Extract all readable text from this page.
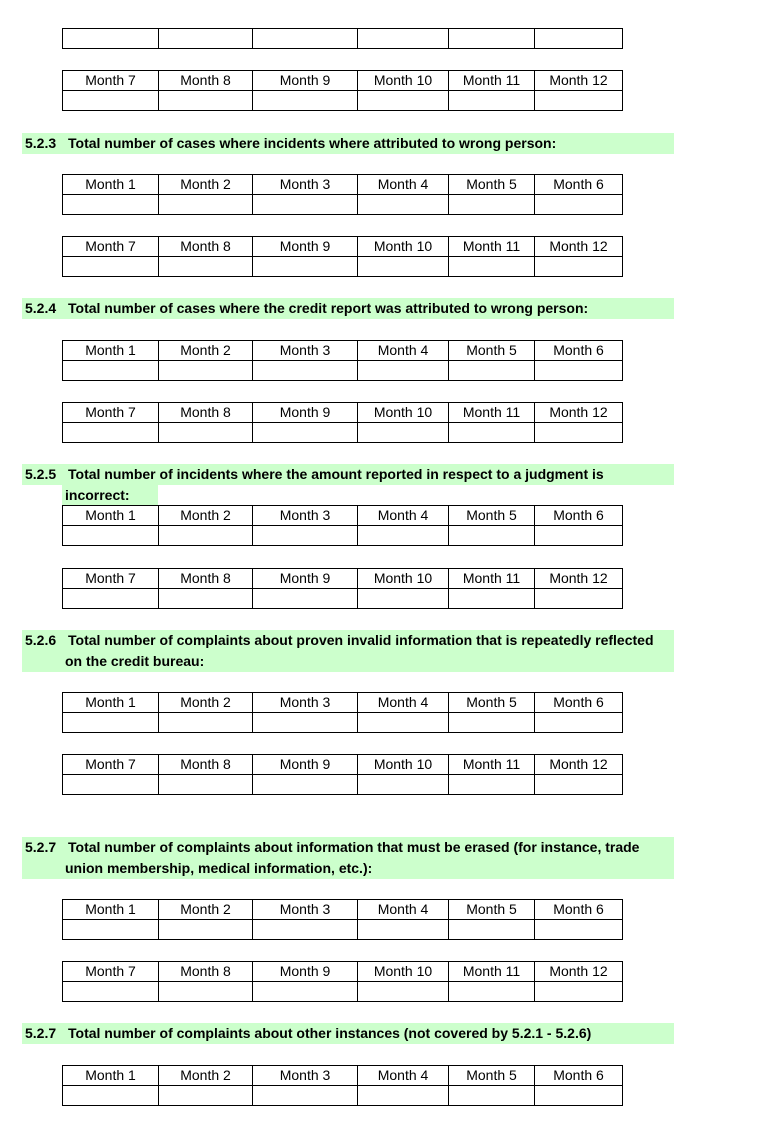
Month 7	Month 8	Month 9	Month 10	Month 11	Month 12

5.2.3 Total number of cases where incidents where attributed to wrong person:
Month 1	Month 2	Month 3	Month 4	Month 5	Month 6

Month 7	Month 8	Month 9	Month 10	Month 11	Month 12

5.2.4 Total number of cases where the credit report was attributed to wrong person:
Month 1	Month 2	Month 3	Month 4	Month 5	Month 6

Month 7	Month 8	Month 9	Month 10	Month 11	Month 12

5.2.5 Total number of incidents where the amount reported in respect to a judgment is
incorrect:
Month 1	Month 2	Month 3	Month 4	Month 5	Month 6

Month 7	Month 8	Month 9	Month 10	Month 11	Month 12

5.2.6 Total number of complaints about proven invalid information that is repeatedly reflected
on the credit bureau:
Month 1	Month 2	Month 3	Month 4	Month 5	Month 6

Month 7	Month 8	Month 9	Month 10	Month 11	Month 12

5.2.7 Total number of complaints about information that must be erased (for instance, trade
union membership, medical information, etc.):
Month 1	Month 2	Month 3	Month 4	Month 5	Month 6

Month 7	Month 8	Month 9	Month 10	Month 11	Month 12

5.2.7 Total number of complaints about other instances (not covered by 5.2.1 - 5.2.6)
Month 1	Month 2	Month 3	Month 4	Month 5	Month 6
